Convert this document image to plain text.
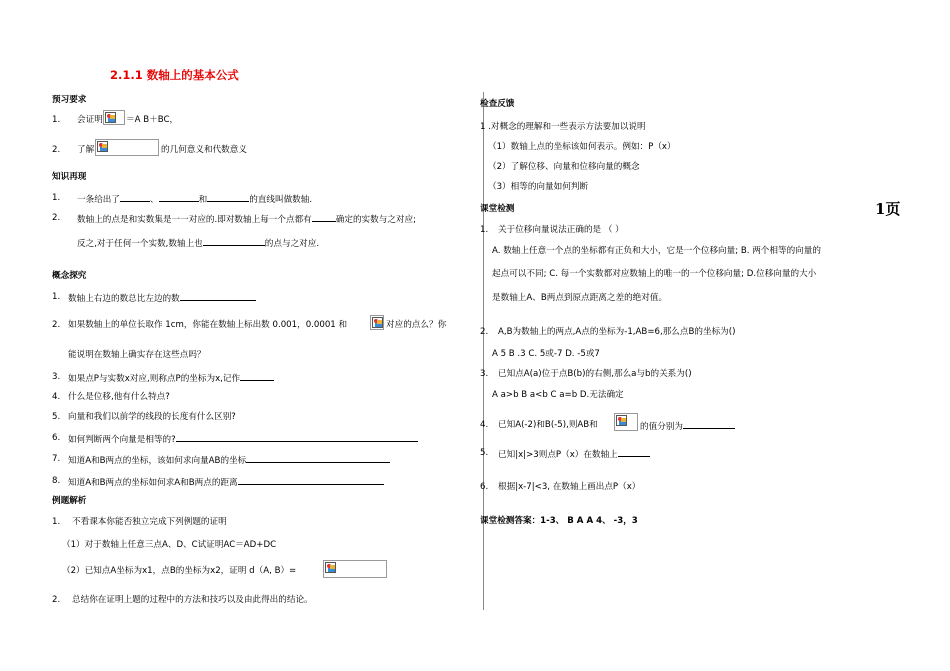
2.1.1 数轴上的基本公式
1页
预习要求
1. 会证明	＝A B＋BC，
2. 了解	的几何意义和代数意义
知识再现
1. 一条给出了	、	和	的直线叫做数轴.
2. 数轴上的点是和实数集是一一对应的.即对数轴上每一个点都有	确定的实数与之对应;
反之,对于任何一个实数,数轴上也	的点与之对应.
概念探究
1. 数轴上右边的数总比左边的数
2. 如果数轴上的单位长取作 1cm，你能在数轴上标出数 0.001，0.0001 和	对应的点么？你
能说明在数轴上确实存在这些点吗？
3. 如果点P与实数x对应,则称点P的坐标为x,记作
4. 什么是位移,他有什么特点?
5. 向量和我们以前学的线段的长度有什么区别?
6. 如何判断两个向量是相等的?
7. 知道A和B两点的坐标，该如何求向量AB的坐标
8. 知道A和B两点的坐标如何求A和B两点的距离
例题解析
1. 不看课本你能否独立完成下列例题的证明
（1）对于数轴上任意三点A、D、C试证明AC＝AD+DC
（2）已知点A坐标为x1，点B的坐标为x2，证明 d（A, B）=
2. 总结你在证明上题的过程中的方法和技巧以及由此得出的结论。
检查反馈
1 .对概念的理解和一些表示方法要加以说明
（1）数轴上点的坐标该如何表示。例如：P（x）
（2）了解位移、向量和位移向量的概念
（3）相等的向量如何判断
课堂检测
1. 关于位移向量说法正确的是 （ ）
A. 数轴上任意一个点的坐标都有正负和大小，它是一个位移向量; B. 两个相等的向量的
起点可以不同; C. 每一个实数都对应数轴上的唯一的一个位移向量; D.位移向量的大小
是数轴上A、B两点到原点距离之差的绝对值。
2. A,B为数轴上的两点,A点的坐标为-1,AB=6,那么点B的坐标为()
A 5 B .3 C. 5或-7 D. -5或7
3. 已知点A(a)位于点B(b)的右侧,那么a与b的关系为()
A a>b B a<b C a=b D.无法确定
4. 已知A(-2)和B(-5),则AB和	的值分别为
5. 已知|x|>3则点P（x）在数轴上
6. 根据|x-7|<3, 在数轴上画出点P（x）
课堂检测答案：1-3、 B A A 4、 -3，3
